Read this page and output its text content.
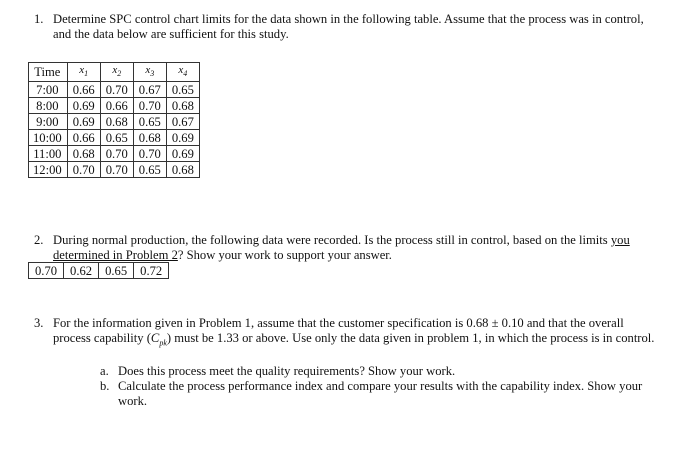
1. Determine SPC control chart limits for the data shown in the following table. Assume that the process was in control, and the data below are sufficient for this study.
Time	$x_1$	$x_2$	$x_3$	$x_4$
7:00	0.66	0.70	0.67	0.65
8:00	0.69	0.66	0.70	0.68
9:00	0.69	0.68	0.65	0.67
10:00	0.66	0.65	0.68	0.69
11:00	0.68	0.70	0.70	0.69
12:00	0.70	0.70	0.65	0.68
2. During normal production, the following data were recorded. Is the process still in control, based on the limits you determined in Problem 2? Show your work to support your answer.
0.70	0.62	0.65	0.72
3. For the information given in Problem 1, assume that the customer specification is 0.68 ± 0.10 and that the overall process capability $(C_{pk})$ must be 1.33 or above. Use only the data given in problem 1, in which the process is in control.
a. Does this process meet the quality requirements? Show your work.
b. Calculate the process performance index and compare your results with the capability index. Show your work.
